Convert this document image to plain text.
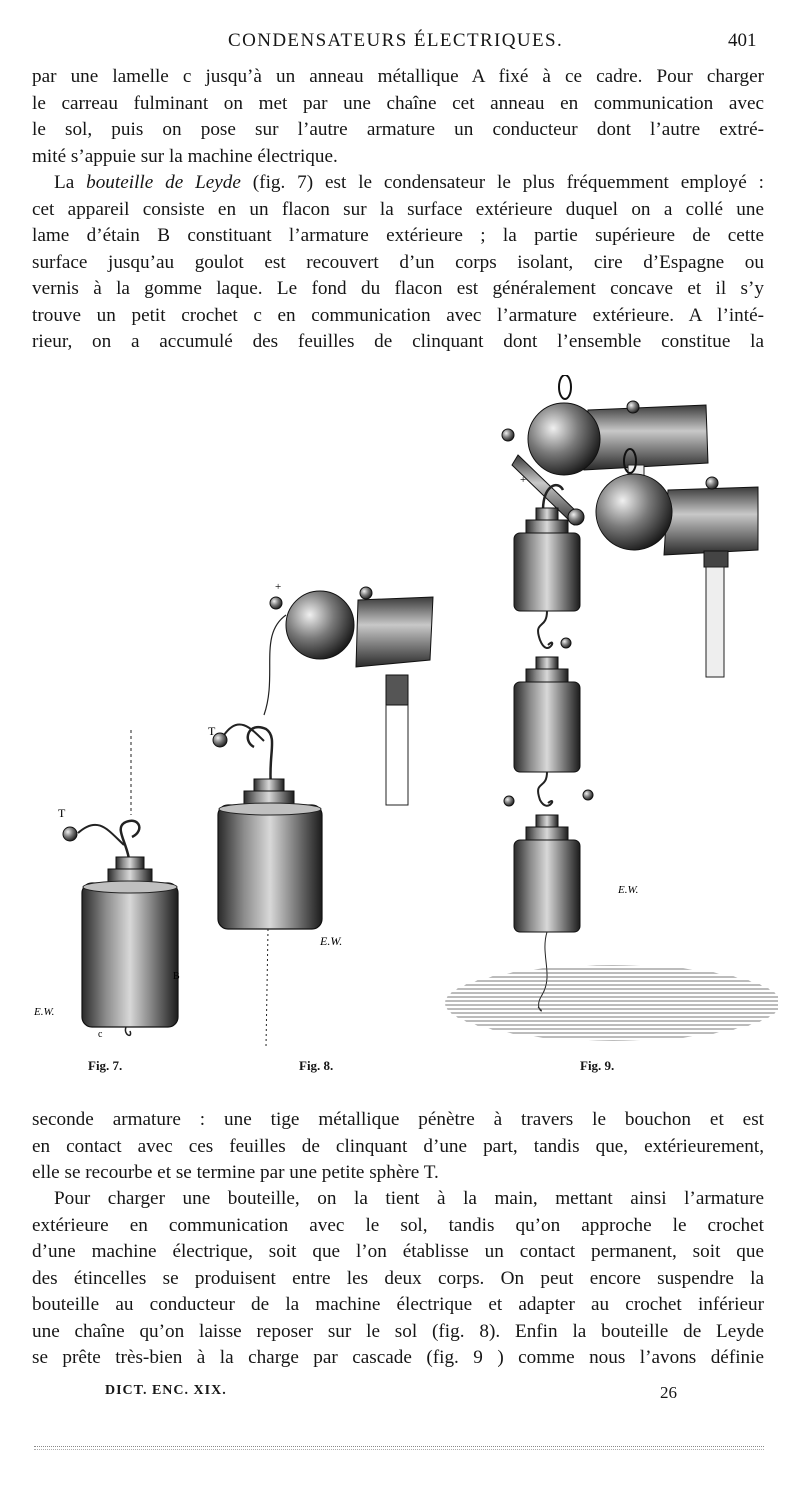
CONDENSATEURS ÉLECTRIQUES.	401
par une lamelle c jusqu’à un anneau métallique A fixé à ce cadre. Pour charger
le carreau fulminant on met par une chaîne cet anneau en communication avec
le sol, puis on pose sur l’autre armature un conducteur dont l’autre extré-
mité s’appuie sur la machine électrique.
La bouteille de Leyde (fig. 7) est le condensateur le plus fréquemment employé :
cet appareil consiste en un flacon sur la surface extérieure duquel on a collé une
lame d’étain B constituant l’armature extérieure ; la partie supérieure de cette
surface jusqu’au goulot est recouvert d’un corps isolant, cire d’Espagne ou
vernis à la gomme laque. Le fond du flacon est généralement concave et il s’y
trouve un petit crochet c en communication avec l’armature extérieure. A l’inté-
rieur, on a accumulé des feuilles de clinquant dont l’ensemble constitue la
T
B
c
E.W.
+
T
E.W.
+
E.W.
Fig. 7.	Fig. 8.	Fig. 9.
seconde armature : une tige métallique pénètre à travers le bouchon et est
en contact avec ces feuilles de clinquant d’une part, tandis que, extérieurement,
elle se recourbe et se termine par une petite sphère T.
Pour charger une bouteille, on la tient à la main, mettant ainsi l’armature
extérieure en communication avec le sol, tandis qu’on approche le crochet
d’une machine électrique, soit que l’on établisse un contact permanent, soit que
des étincelles se produisent entre les deux corps. On peut encore suspendre la
bouteille au conducteur de la machine électrique et adapter au crochet inférieur
une chaîne qu’on laisse reposer sur le sol (fig. 8). Enfin la bouteille de Leyde
se prête très-bien à la charge par cascade (fig. 9 ) comme nous l’avons définie
DICT. ENC. XIX.	26
